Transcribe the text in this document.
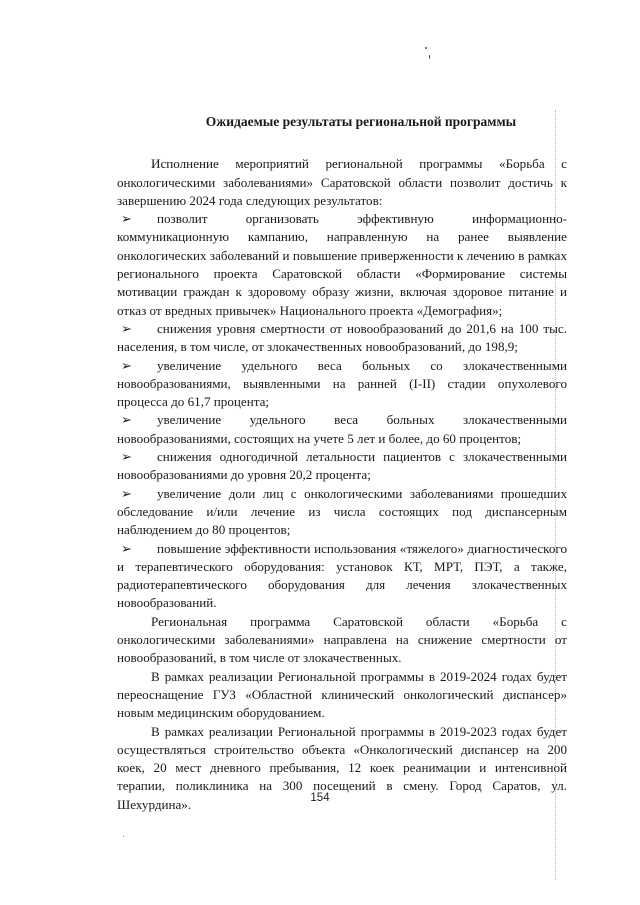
Ожидаемые результаты региональной программы

Исполнение мероприятий региональной программы «Борьба с онкологическими заболеваниями» Саратовской области позволит достичь к завершению 2024 года следующих результатов:

➢ позволит организовать эффективную информационно-коммуникационную кампанию, направленную на ранее выявление онкологических заболеваний и повышение приверженности к лечению в рамках регионального проекта Саратовской области «Формирование системы мотивации граждан к здоровому образу жизни, включая здоровое питание и отказ от вредных привычек» Национального проекта «Демография»;

➢ снижения уровня смертности от новообразований до 201,6 на 100 тыс. населения, в том числе, от злокачественных новообразований, до 198,9;

➢ увеличение удельного веса больных со злокачественными новообразованиями, выявленными на ранней (I-II) стадии опухолевого процесса до 61,7 процента;

➢ увеличение удельного веса больных злокачественными новообразованиями, состоящих на учете 5 лет и более, до 60 процентов;

➢ снижения одногодичной летальности пациентов с злокачественными новообразованиями до уровня 20,2 процента;

➢ увеличение доли лиц с онкологическими заболеваниями прошедших обследование и/или лечение из числа состоящих под диспансерным наблюдением до 80 процентов;

➢ повышение эффективности использования «тяжелого» диагностического и терапевтического оборудования: установок КТ, МРТ, ПЭТ, а также, радиотерапевтического оборудования для лечения злокачественных новообразований.

Региональная программа Саратовской области «Борьба с онкологическими заболеваниями» направлена на снижение смертности от новообразований, в том числе от злокачественных.

В рамках реализации Региональной программы в 2019-2024 годах будет переоснащение ГУЗ «Областной клинический онкологический диспансер» новым медицинским оборудованием.

В рамках реализации Региональной программы в 2019-2023 годах будет осуществляться строительство объекта «Онкологический диспансер на 200 коек, 20 мест дневного пребывания, 12 коек реанимации и интенсивной терапии, поликлиника на 300 посещений в смену. Город Саратов, ул. Шехурдина».	154
